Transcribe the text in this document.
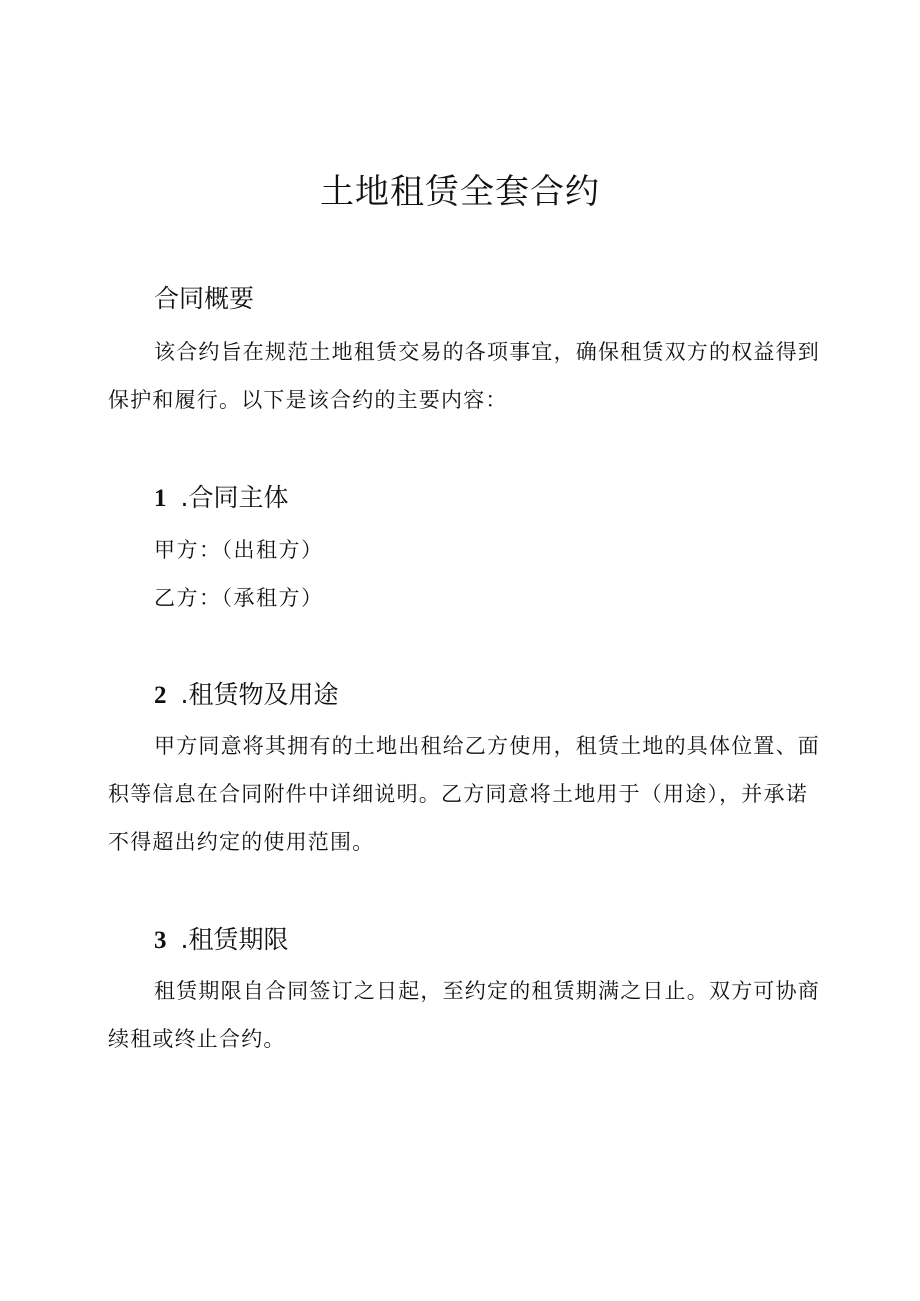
土地租赁全套合约
合同概要

该合约旨在规范土地租赁交易的各项事宜，确保租赁双方的权益得到保护和履行。以下是该合约的主要内容：

1 .合同主体
甲方：（出租方）
乙方：（承租方）
2 .租赁物及用途

甲方同意将其拥有的土地出租给乙方使用，租赁土地的具体位置、面积等信息在合同附件中详细说明。乙方同意将土地用于（用途），并承诺不得超出约定的使用范围。

3 .租赁期限

租赁期限自合同签订之日起，至约定的租赁期满之日止。双方可协商续租或终止合约。
